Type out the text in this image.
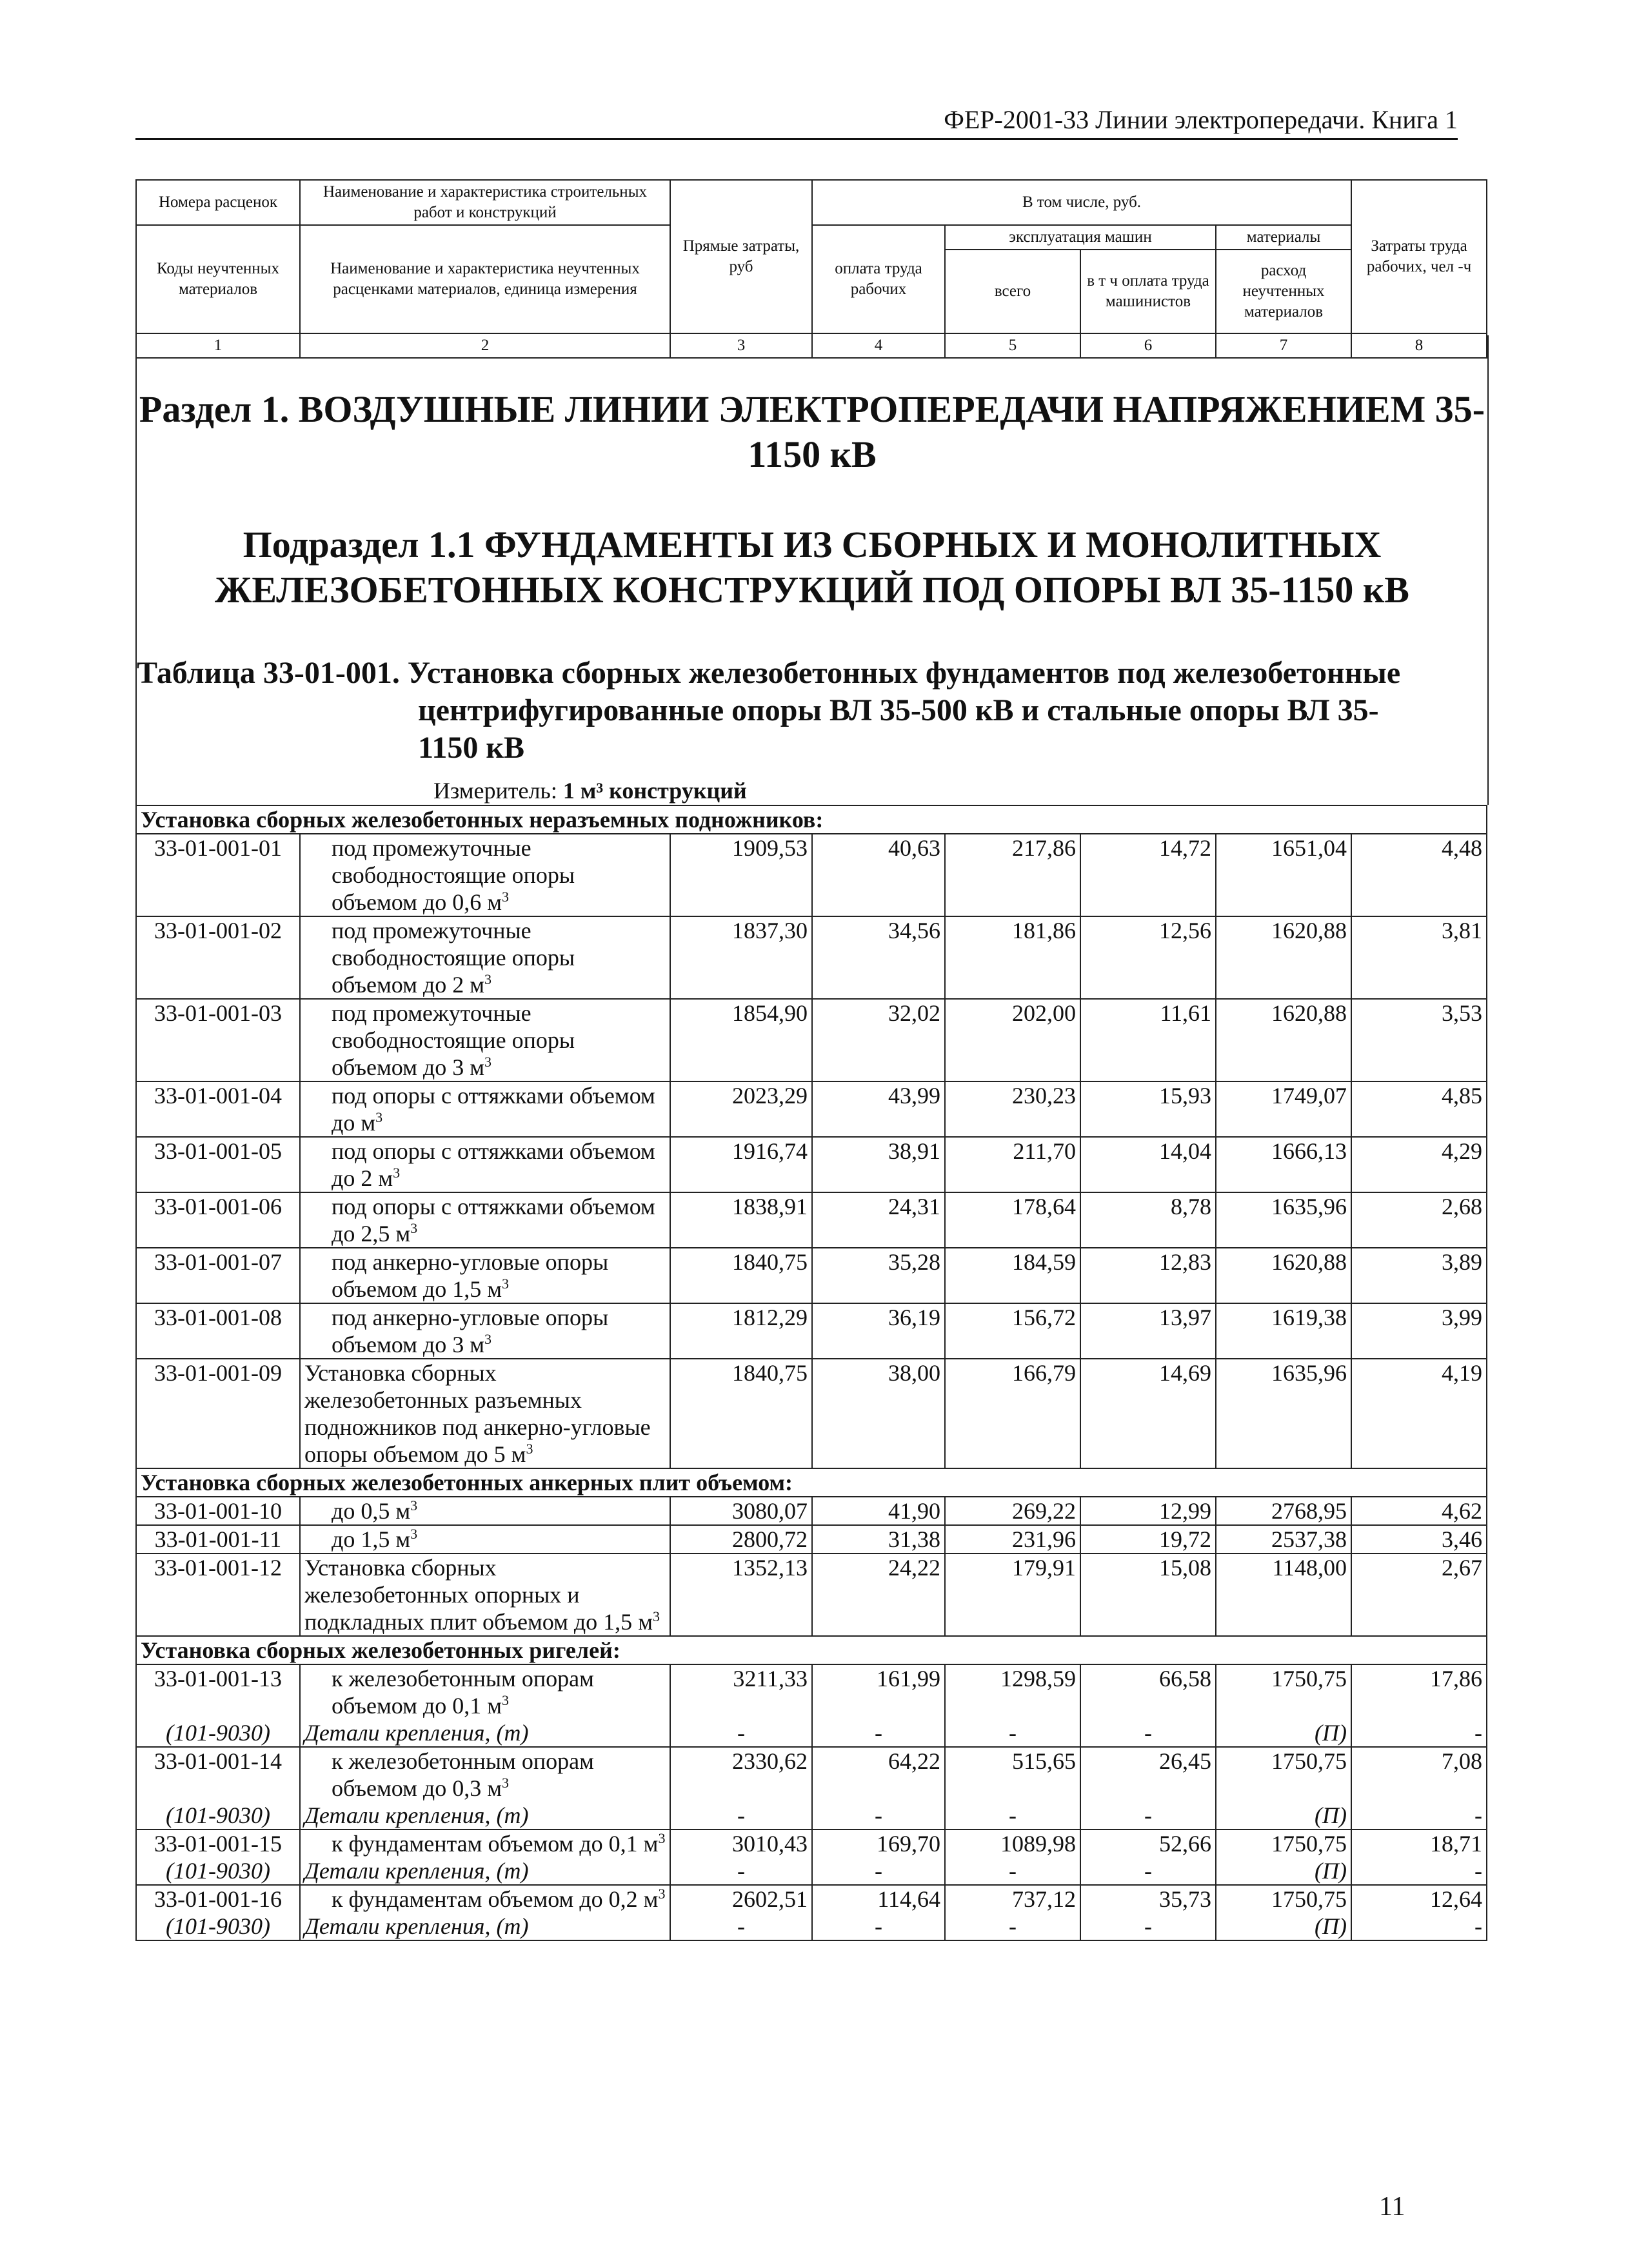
ФЕР-2001-33 Линии электропередачи. Книга 1
Номера расценок	Наименование и характеристика строительных работ и конструкций	Прямые затраты, руб	В том числе, руб.				Затраты труда рабочих, чел -ч
Коды неучтенных материалов	Наименование и характеристика неучтенных расценками материалов, единица измерения		оплата труда рабочих	эксплуатация машин		материалы	
				всего	в т ч оплата труда машинистов	расход неучтенных материалов	
1	2	3	4	5	6	7	8
Раздел 1. ВОЗДУШНЫЕ ЛИНИИ ЭЛЕКТРОПЕРЕДАЧИ НАПРЯЖЕНИЕМ 35-1150 кВ
Подраздел 1.1 ФУНДАМЕНТЫ ИЗ СБОРНЫХ И МОНОЛИТНЫХ ЖЕЛЕЗОБЕТОННЫХ КОНСТРУКЦИЙ ПОД ОПОРЫ ВЛ 35-1150 кВ
Таблица 33-01-001. Установка сборных железобетонных фундаментов под железобетонные
центрифугированные опоры ВЛ 35-500 кВ и стальные опоры ВЛ 35-
1150 кВ
Измеритель: 1 м³ конструкций
Установка сборных железобетонных неразъемных подножников:							
33-01-001-01	под промежуточные свободностоящие опоры объемом до 0,6 $м^3$	1909,53	40,63	217,86	14,72	1651,04	4,48
33-01-001-02	под промежуточные свободностоящие опоры объемом до 2 $м^3$	1837,30	34,56	181,86	12,56	1620,88	3,81
33-01-001-03	под промежуточные свободностоящие опоры объемом до 3 $м^3$	1854,90	32,02	202,00	11,61	1620,88	3,53
33-01-001-04	под опоры с оттяжками объемом до $м^3$	2023,29	43,99	230,23	15,93	1749,07	4,85
33-01-001-05	под опоры с оттяжками объемом до 2 $м^3$	1916,74	38,91	211,70	14,04	1666,13	4,29
33-01-001-06	под опоры с оттяжками объемом до 2,5 $м^3$	1838,91	24,31	178,64	8,78	1635,96	2,68
33-01-001-07	под анкерно-угловые опоры объемом до 1,5 $м^3$	1840,75	35,28	184,59	12,83	1620,88	3,89
33-01-001-08	под анкерно-угловые опоры объемом до 3 $м^3$	1812,29	36,19	156,72	13,97	1619,38	3,99
33-01-001-09	Установка сборных железобетонных разъемных подножников под анкерно-угловые опоры объемом до 5 $м^3$	1840,75	38,00	166,79	14,69	1635,96	4,19
Установка сборных железобетонных анкерных плит объемом:							
33-01-001-10	до 0,5 $м^3$	3080,07	41,90	269,22	12,99	2768,95	4,62
33-01-001-11	до 1,5 $м^3$	2800,72	31,38	231,96	19,72	2537,38	3,46
33-01-001-12	Установка сборных железобетонных опорных и подкладных плит объемом до 1,5 $м^3$	1352,13	24,22	179,91	15,08	1148,00	2,67
Установка сборных железобетонных ригелей:							
33-01-001-13	к железобетонным опорам объемом до 0,1 $м^3$	3211,33	161,99	1298,59	66,58	1750,75	17,86
(101-9030)	Детали крепления, (т)	-	-	-	-	(П)	-
33-01-001-14	к железобетонным опорам объемом до 0,3 $м^3$	2330,62	64,22	515,65	26,45	1750,75	7,08
(101-9030)	Детали крепления, (т)	-	-	-	-	(П)	-
33-01-001-15	к фундаментам объемом до 0,1 $м^3$	3010,43	169,70	1089,98	52,66	1750,75	18,71
(101-9030)	Детали крепления, (т)	-	-	-	-	(П)	-
33-01-001-16	к фундаментам объемом до 0,2 $м^3$	2602,51	114,64	737,12	35,73	1750,75	12,64
(101-9030)	Детали крепления, (т)	-	-	-	-	(П)	-
11
